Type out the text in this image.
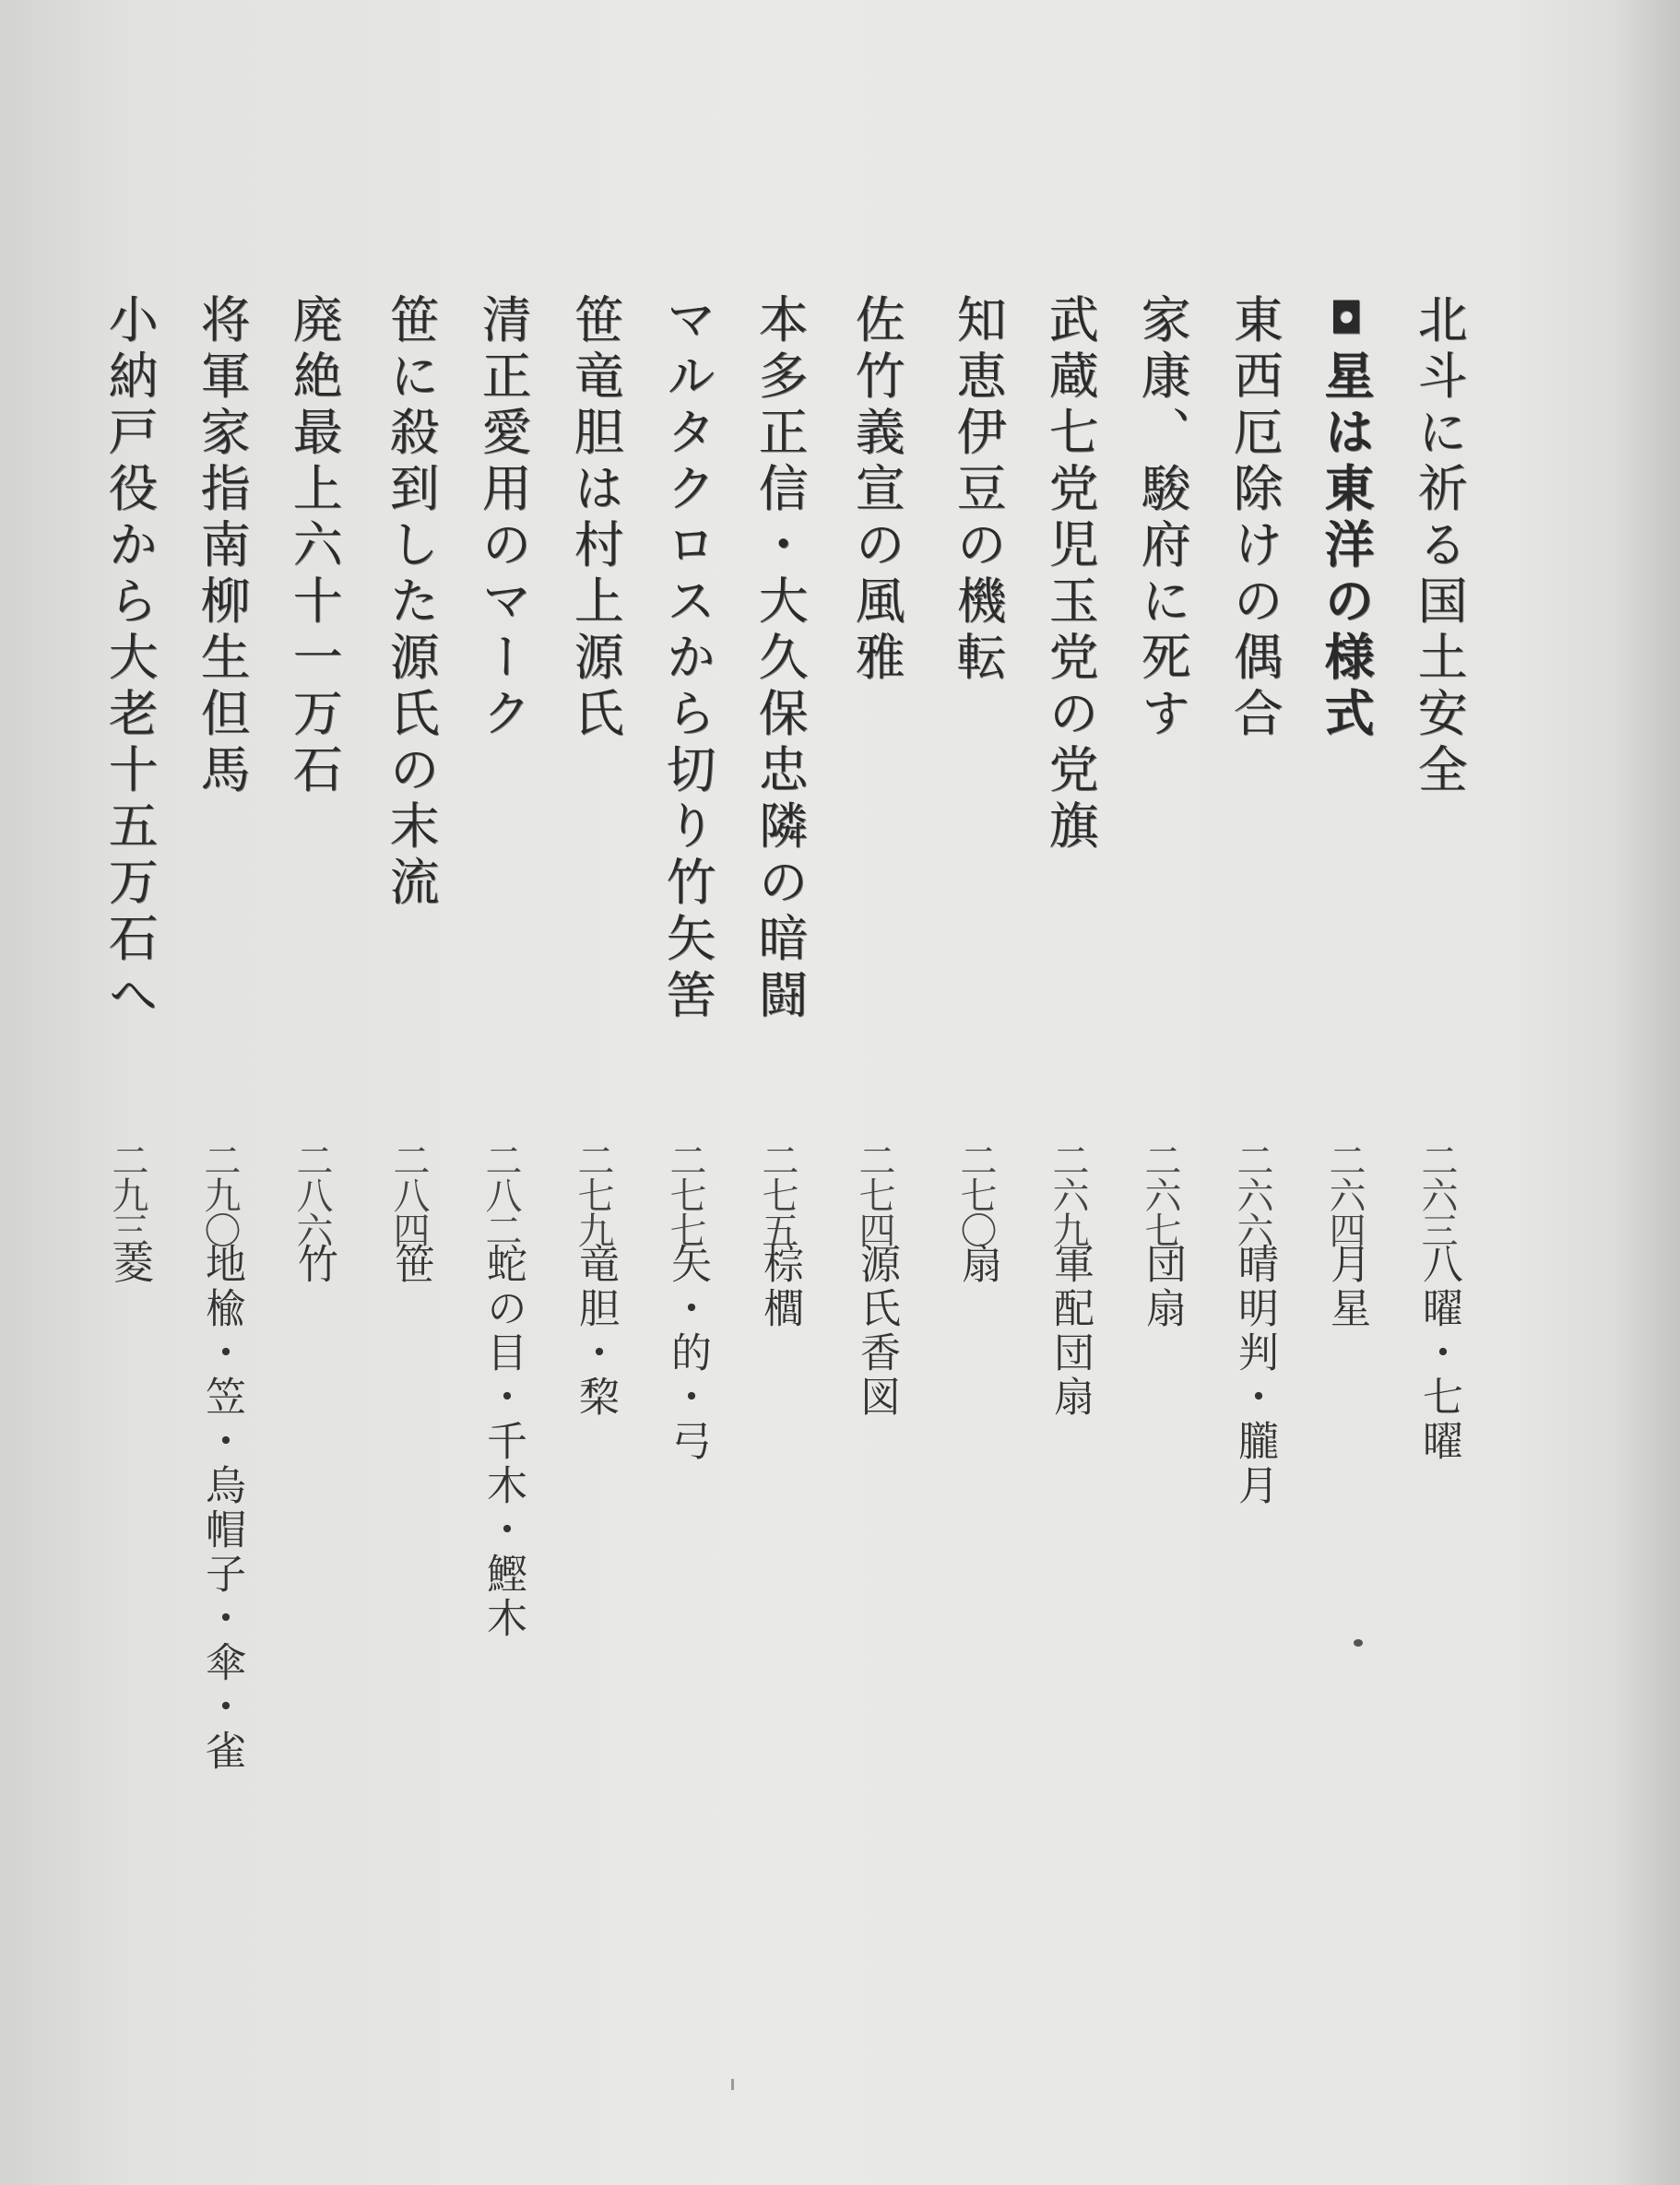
北斗に祈る国土安全
二六三
八曜・七曜
◘星は東洋の様式
二六四
月星
東西厄除けの偶合
二六六
晴明判・朧月
家康、駿府に死す
二六七
団扇
武蔵七党児玉党の党旗
二六九
軍配団扇
知恵伊豆の機転
二七〇
扇
佐竹義宣の風雅
二七四
源氏香図
本多正信・大久保忠隣の暗闘
二七五
棕櫚
マルタクロスから切り竹矢筈
二七七
矢・的・弓
笹竜胆は村上源氏
二七九
竜胆・棃
清正愛用のマーク
二八二
蛇の目・千木・鰹木
笹に殺到した源氏の末流
二八四
笹
廃絶最上六十一万石
二八六
竹
将軍家指南柳生但馬
二九〇
地楡・笠・烏帽子・傘・雀
小納戸役から大老十五万石へ
二九三
菱
